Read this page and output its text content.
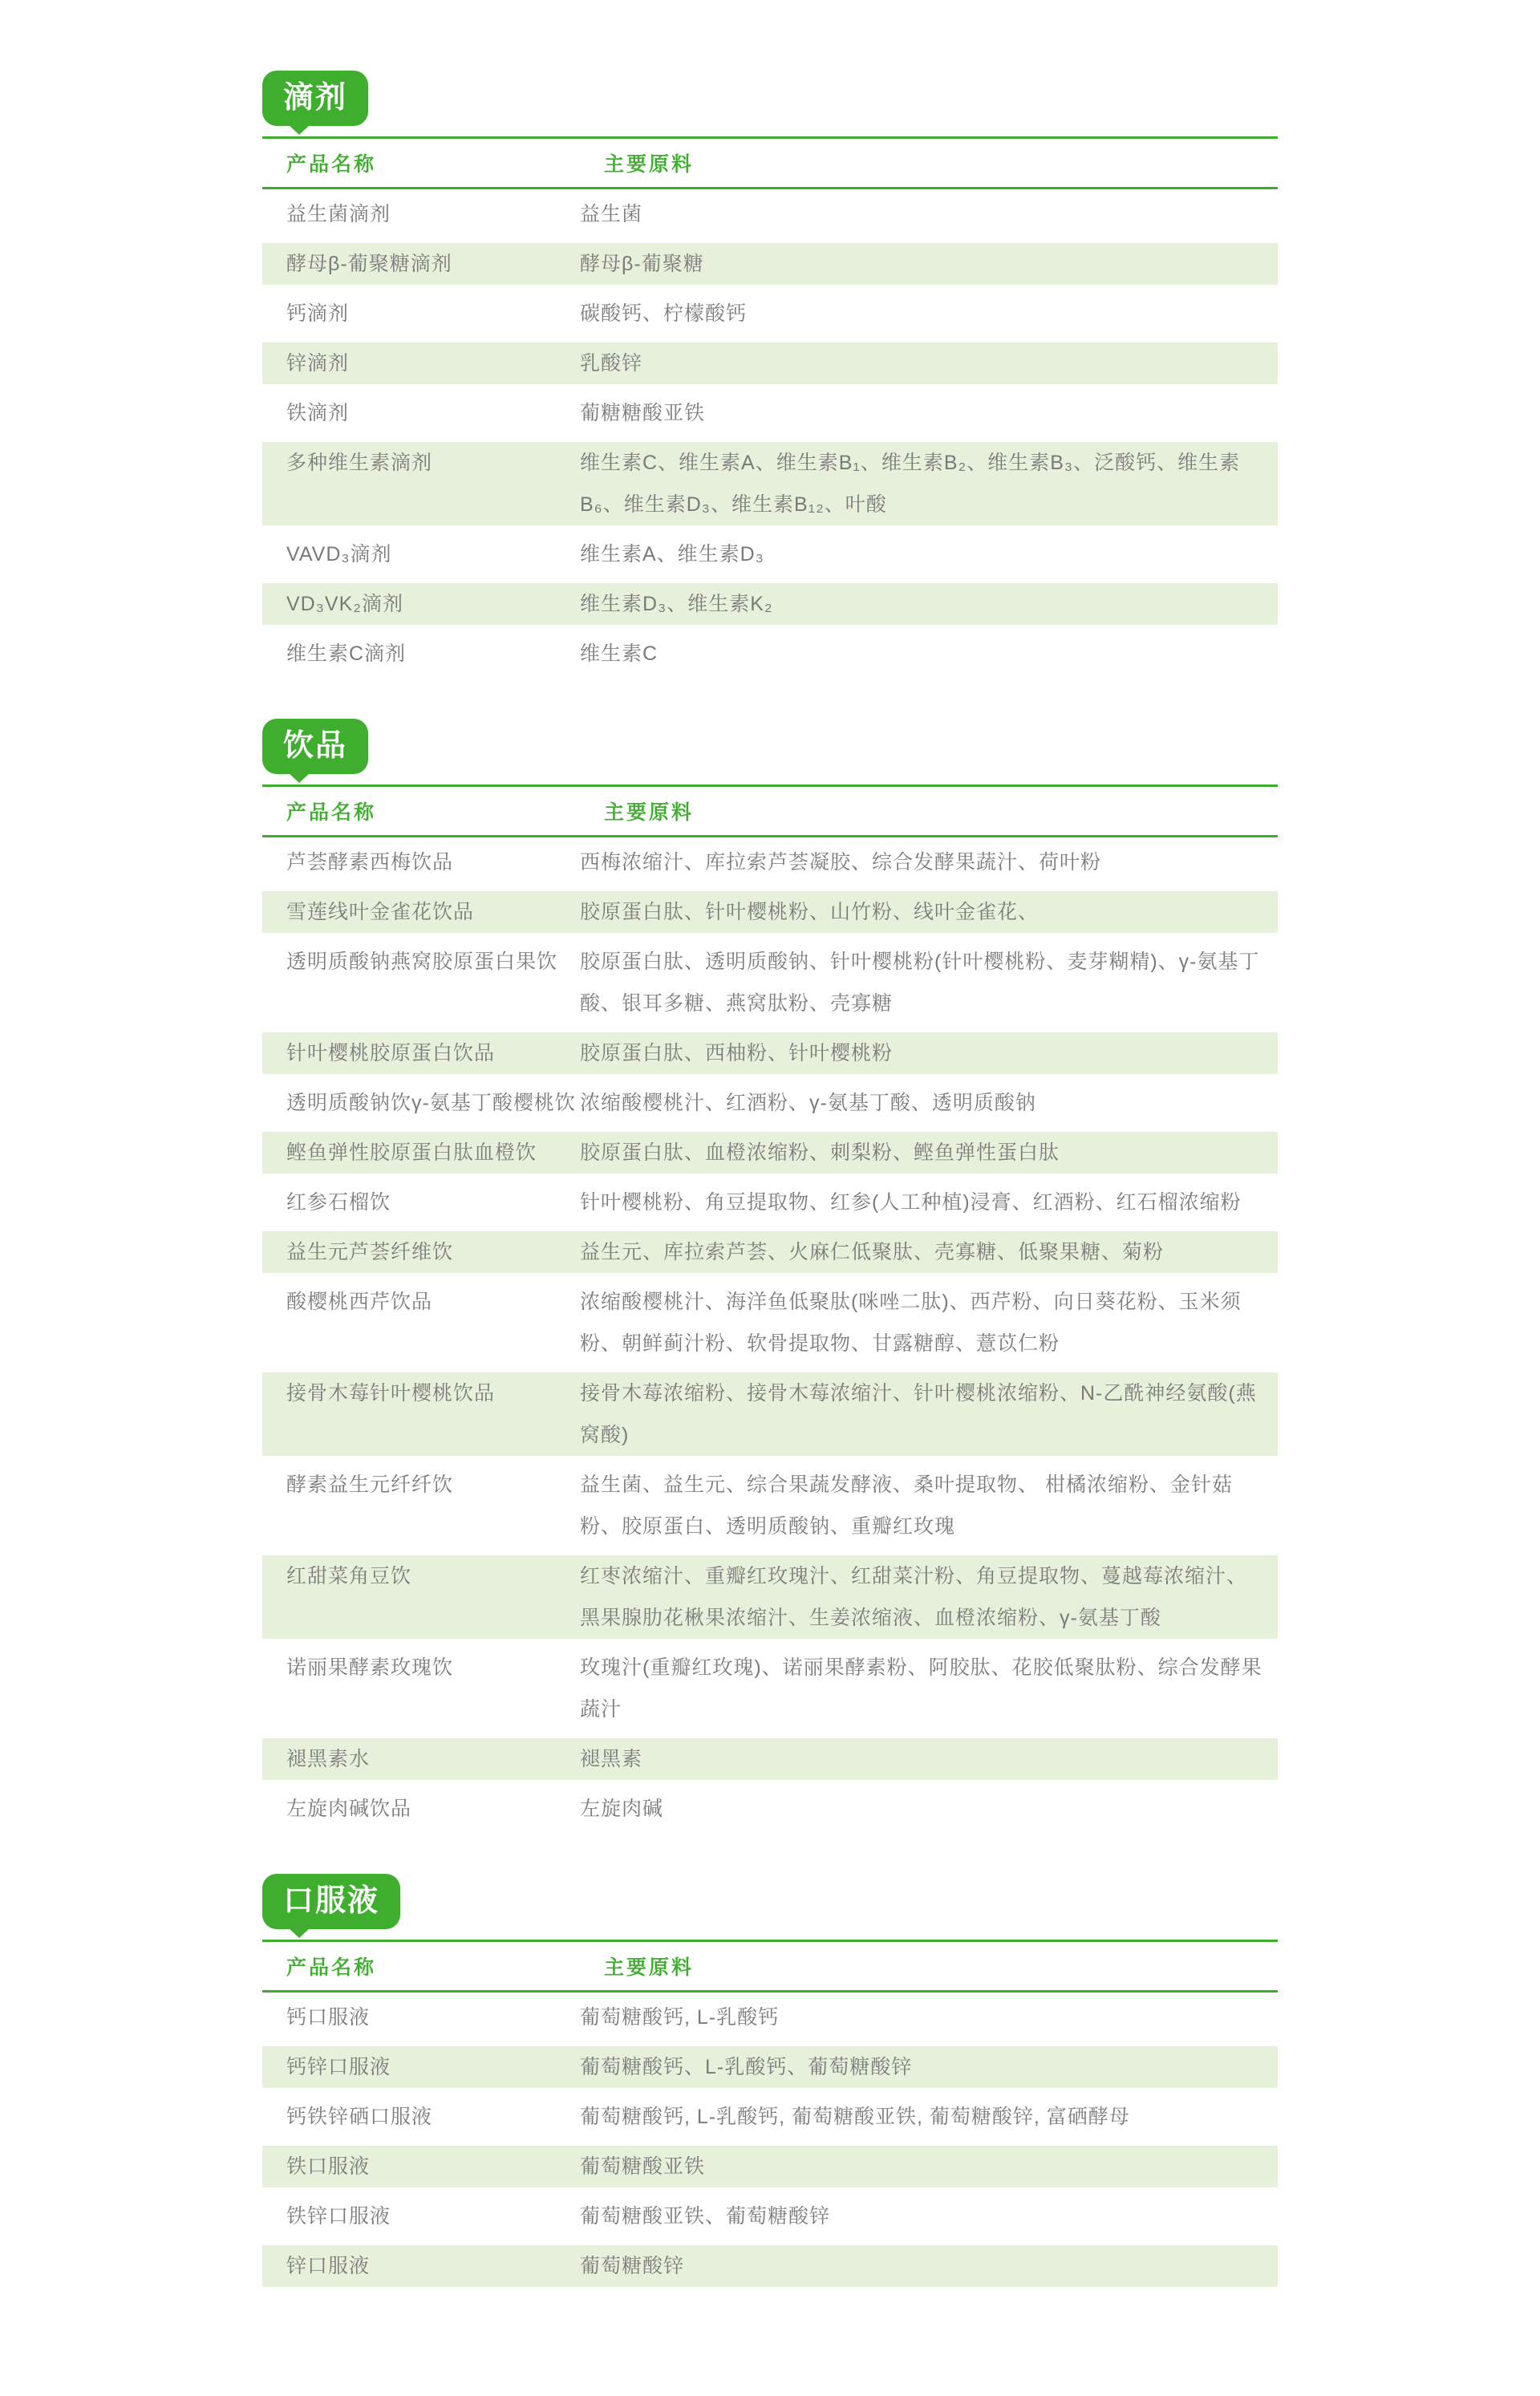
滴剂
产品名称	主要原料
益生菌滴剂	益生菌
酵母β-葡聚糖滴剂	酵母β-葡聚糖
钙滴剂	碳酸钙、柠檬酸钙
锌滴剂	乳酸锌
铁滴剂	葡糖糖酸亚铁
多种维生素滴剂	维生素C、维生素A、维生素B₁、维生素B₂、维生素B₃、泛酸钙、维生素B₆、维生素D₃、维生素B₁₂、叶酸
VAVD₃滴剂	维生素A、维生素D₃
VD₃VK₂滴剂	维生素D₃、维生素K₂
维生素C滴剂	维生素C
饮品
产品名称	主要原料
芦荟酵素西梅饮品	西梅浓缩汁、库拉索芦荟凝胶、综合发酵果蔬汁、荷叶粉
雪莲线叶金雀花饮品	胶原蛋白肽、针叶樱桃粉、山竹粉、线叶金雀花、
透明质酸钠燕窝胶原蛋白果饮	胶原蛋白肽、透明质酸钠、针叶樱桃粉(针叶樱桃粉、麦芽糊精)、γ-氨基丁酸、银耳多糖、燕窝肽粉、壳寡糖
针叶樱桃胶原蛋白饮品	胶原蛋白肽、西柚粉、针叶樱桃粉
透明质酸钠饮γ-氨基丁酸樱桃饮 浓缩酸樱桃汁、红酒粉、γ-氨基丁酸、透明质酸钠
鲣鱼弹性胶原蛋白肽血橙饮	胶原蛋白肽、血橙浓缩粉、刺梨粉、鲣鱼弹性蛋白肽
红参石榴饮	针叶樱桃粉、角豆提取物、红参(人工种植)浸膏、红酒粉、红石榴浓缩粉
益生元芦荟纤维饮	益生元、库拉索芦荟、火麻仁低聚肽、壳寡糖、低聚果糖、菊粉
酸樱桃西芹饮品	浓缩酸樱桃汁、海洋鱼低聚肽(咪唑二肽)、西芹粉、向日葵花粉、玉米须粉、朝鲜蓟汁粉、软骨提取物、甘露糖醇、薏苡仁粉
接骨木莓针叶樱桃饮品	接骨木莓浓缩粉、接骨木莓浓缩汁、针叶樱桃浓缩粉、N-乙酰神经氨酸(燕窝酸)
酵素益生元纤纤饮	益生菌、益生元、综合果蔬发酵液、桑叶提取物、 柑橘浓缩粉、金针菇粉、胶原蛋白、透明质酸钠、重瓣红玫瑰
红甜菜角豆饮	红枣浓缩汁、重瓣红玫瑰汁、红甜菜汁粉、角豆提取物、蔓越莓浓缩汁、黑果腺肋花楸果浓缩汁、生姜浓缩液、血橙浓缩粉、γ-氨基丁酸
诺丽果酵素玫瑰饮	玫瑰汁(重瓣红玫瑰)、诺丽果酵素粉、阿胶肽、花胶低聚肽粉、综合发酵果蔬汁
褪黑素水	褪黑素
左旋肉碱饮品	左旋肉碱
口服液
产品名称	主要原料
钙口服液	葡萄糖酸钙, L-乳酸钙
钙锌口服液	葡萄糖酸钙、L-乳酸钙、葡萄糖酸锌
钙铁锌硒口服液	葡萄糖酸钙, L-乳酸钙, 葡萄糖酸亚铁, 葡萄糖酸锌, 富硒酵母
铁口服液	葡萄糖酸亚铁
铁锌口服液	葡萄糖酸亚铁、葡萄糖酸锌
锌口服液	葡萄糖酸锌
